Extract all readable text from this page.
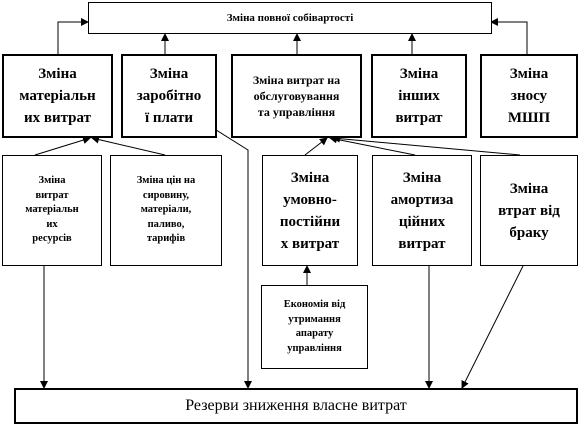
Зміна повної собівартості
Зміна
матеріальн
их витрат
Зміна
заробітно
ї плати
Зміна витрат на
обслуговування
та управління
Зміна
інших
витрат
Зміна
зносу
МШП
Зміна
витрат
матеріальн
их
ресурсів
Зміна цін на
сировину,
матеріали,
паливо,
тарифів
Зміна
умовно-
постійни
х витрат
Зміна
амортиза
ційних
витрат
Зміна
втрат від
браку
Економія від
утримання
апарату
управління
Резерви зниження власне витрат
